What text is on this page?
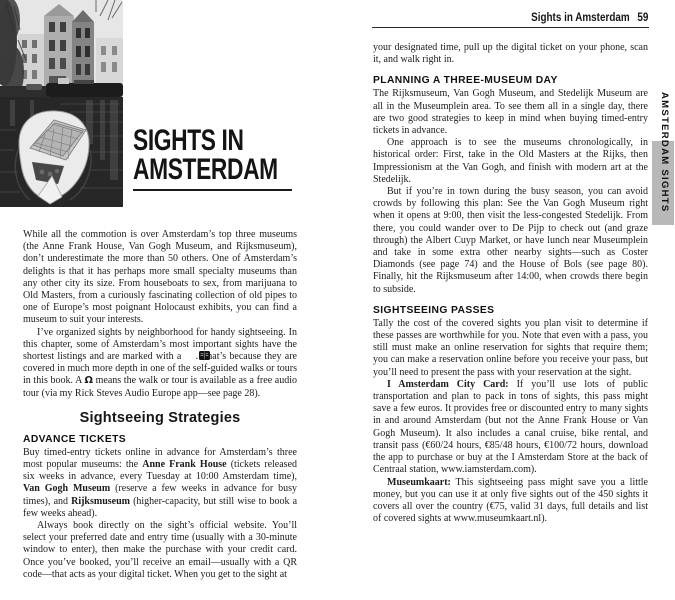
SIGHTS IN
AMSTERDAM

While all the commotion is over Amsterdam’s top three museums (the Anne Frank House, Van Gogh Museum, and Rijksmuseum), don’t underestimate the more than 50 others. One of Amsterdam’s delights is that it has perhaps more small specialty museums than any other city its size. From houseboats to sex, from marijuana to Old Masters, from a curiously fascinating collection of old pipes to one of Europe’s most poignant Holocaust exhibits, you can find a museum to suit your interests.

I’ve organized sights by neighborhood for handy sightseeing. In this chapter, some of Amsterdam’s most important sights have the shortest listings and are marked with a . That’s because they are covered in much more depth in one of the self-guided walks or tours in this book. A Ω means the walk or tour is available as a free audio tour (via my Rick Steves Audio Europe app—see page 28).

Sightseeing Strategies
ADVANCE TICKETS

Buy timed-entry tickets online in advance for Amsterdam’s three most popular museums: the Anne Frank House (tickets released six weeks in advance, every Tuesday at 10:00 Amsterdam time), Van Gogh Museum (reserve a few weeks in advance for busy times), and Rijksmuseum (higher-capacity, but still wise to book a few weeks ahead).

Always book directly on the sight’s official website. You’ll select your preferred date and entry time (usually with a 30-minute window to enter), then make the purchase with your credit card. Once you’ve booked, you’ll receive an email—usually with a QR code—that acts as your digital ticket. When you get to the sight at

Sights in Amsterdam 59

your designated time, pull up the digital ticket on your phone, scan it, and walk right in.

PLANNING A THREE-MUSEUM DAY

The Rijksmuseum, Van Gogh Museum, and Stedelijk Museum are all in the Museumplein area. To see them all in a single day, there are two good strategies to keep in mind when buying timed-entry tickets in advance.

One approach is to see the museums chronologically, in historical order: First, take in the Old Masters at the Rijks, then Impressionism at the Van Gogh, and finish with modern art at the Stedelijk.

But if you’re in town during the busy season, you can avoid crowds by following this plan: See the Van Gogh Museum right when it opens at 9:00, then visit the less-congested Stedelijk. From there, you could wander over to De Pijp to check out (and graze through) the Albert Cuyp Market, or have lunch near Museumplein and take in some extra other nearby sights—such as Coster Diamonds (see page 74) and the House of Bols (see page 80). Finally, hit the Rijksmuseum after 14:00, when crowds there begin to subside.

SIGHTSEEING PASSES

Tally the cost of the covered sights you plan visit to determine if these passes are worthwhile for you. Note that even with a pass, you still must make an online reservation for sights that require them; you can make a reservation online before you receive your pass, but you’ll need to present the pass with your reservation at the sight.

I Amsterdam City Card: If you’ll use lots of public transportation and plan to pack in tons of sights, this pass might save a few euros. It provides free or discounted entry to many sights in and around Amsterdam (but not the Anne Frank House or Van Gogh Museum). It also includes a canal cruise, bike rental, and transit pass (€60/24 hours, €85/48 hours, €100/72 hours, download the app to purchase or buy at the I Amsterdam Store at the back of Centraal station, www.iamsterdam.com).

Museumkaart: This sightseeing pass might save you a little money, but you can use it at only five sights out of the 450 sights it covers all over the country (€75, valid 31 days, full details and list of covered sights at www.museumkaart.nl).

AMSTERDAM SIGHTS
